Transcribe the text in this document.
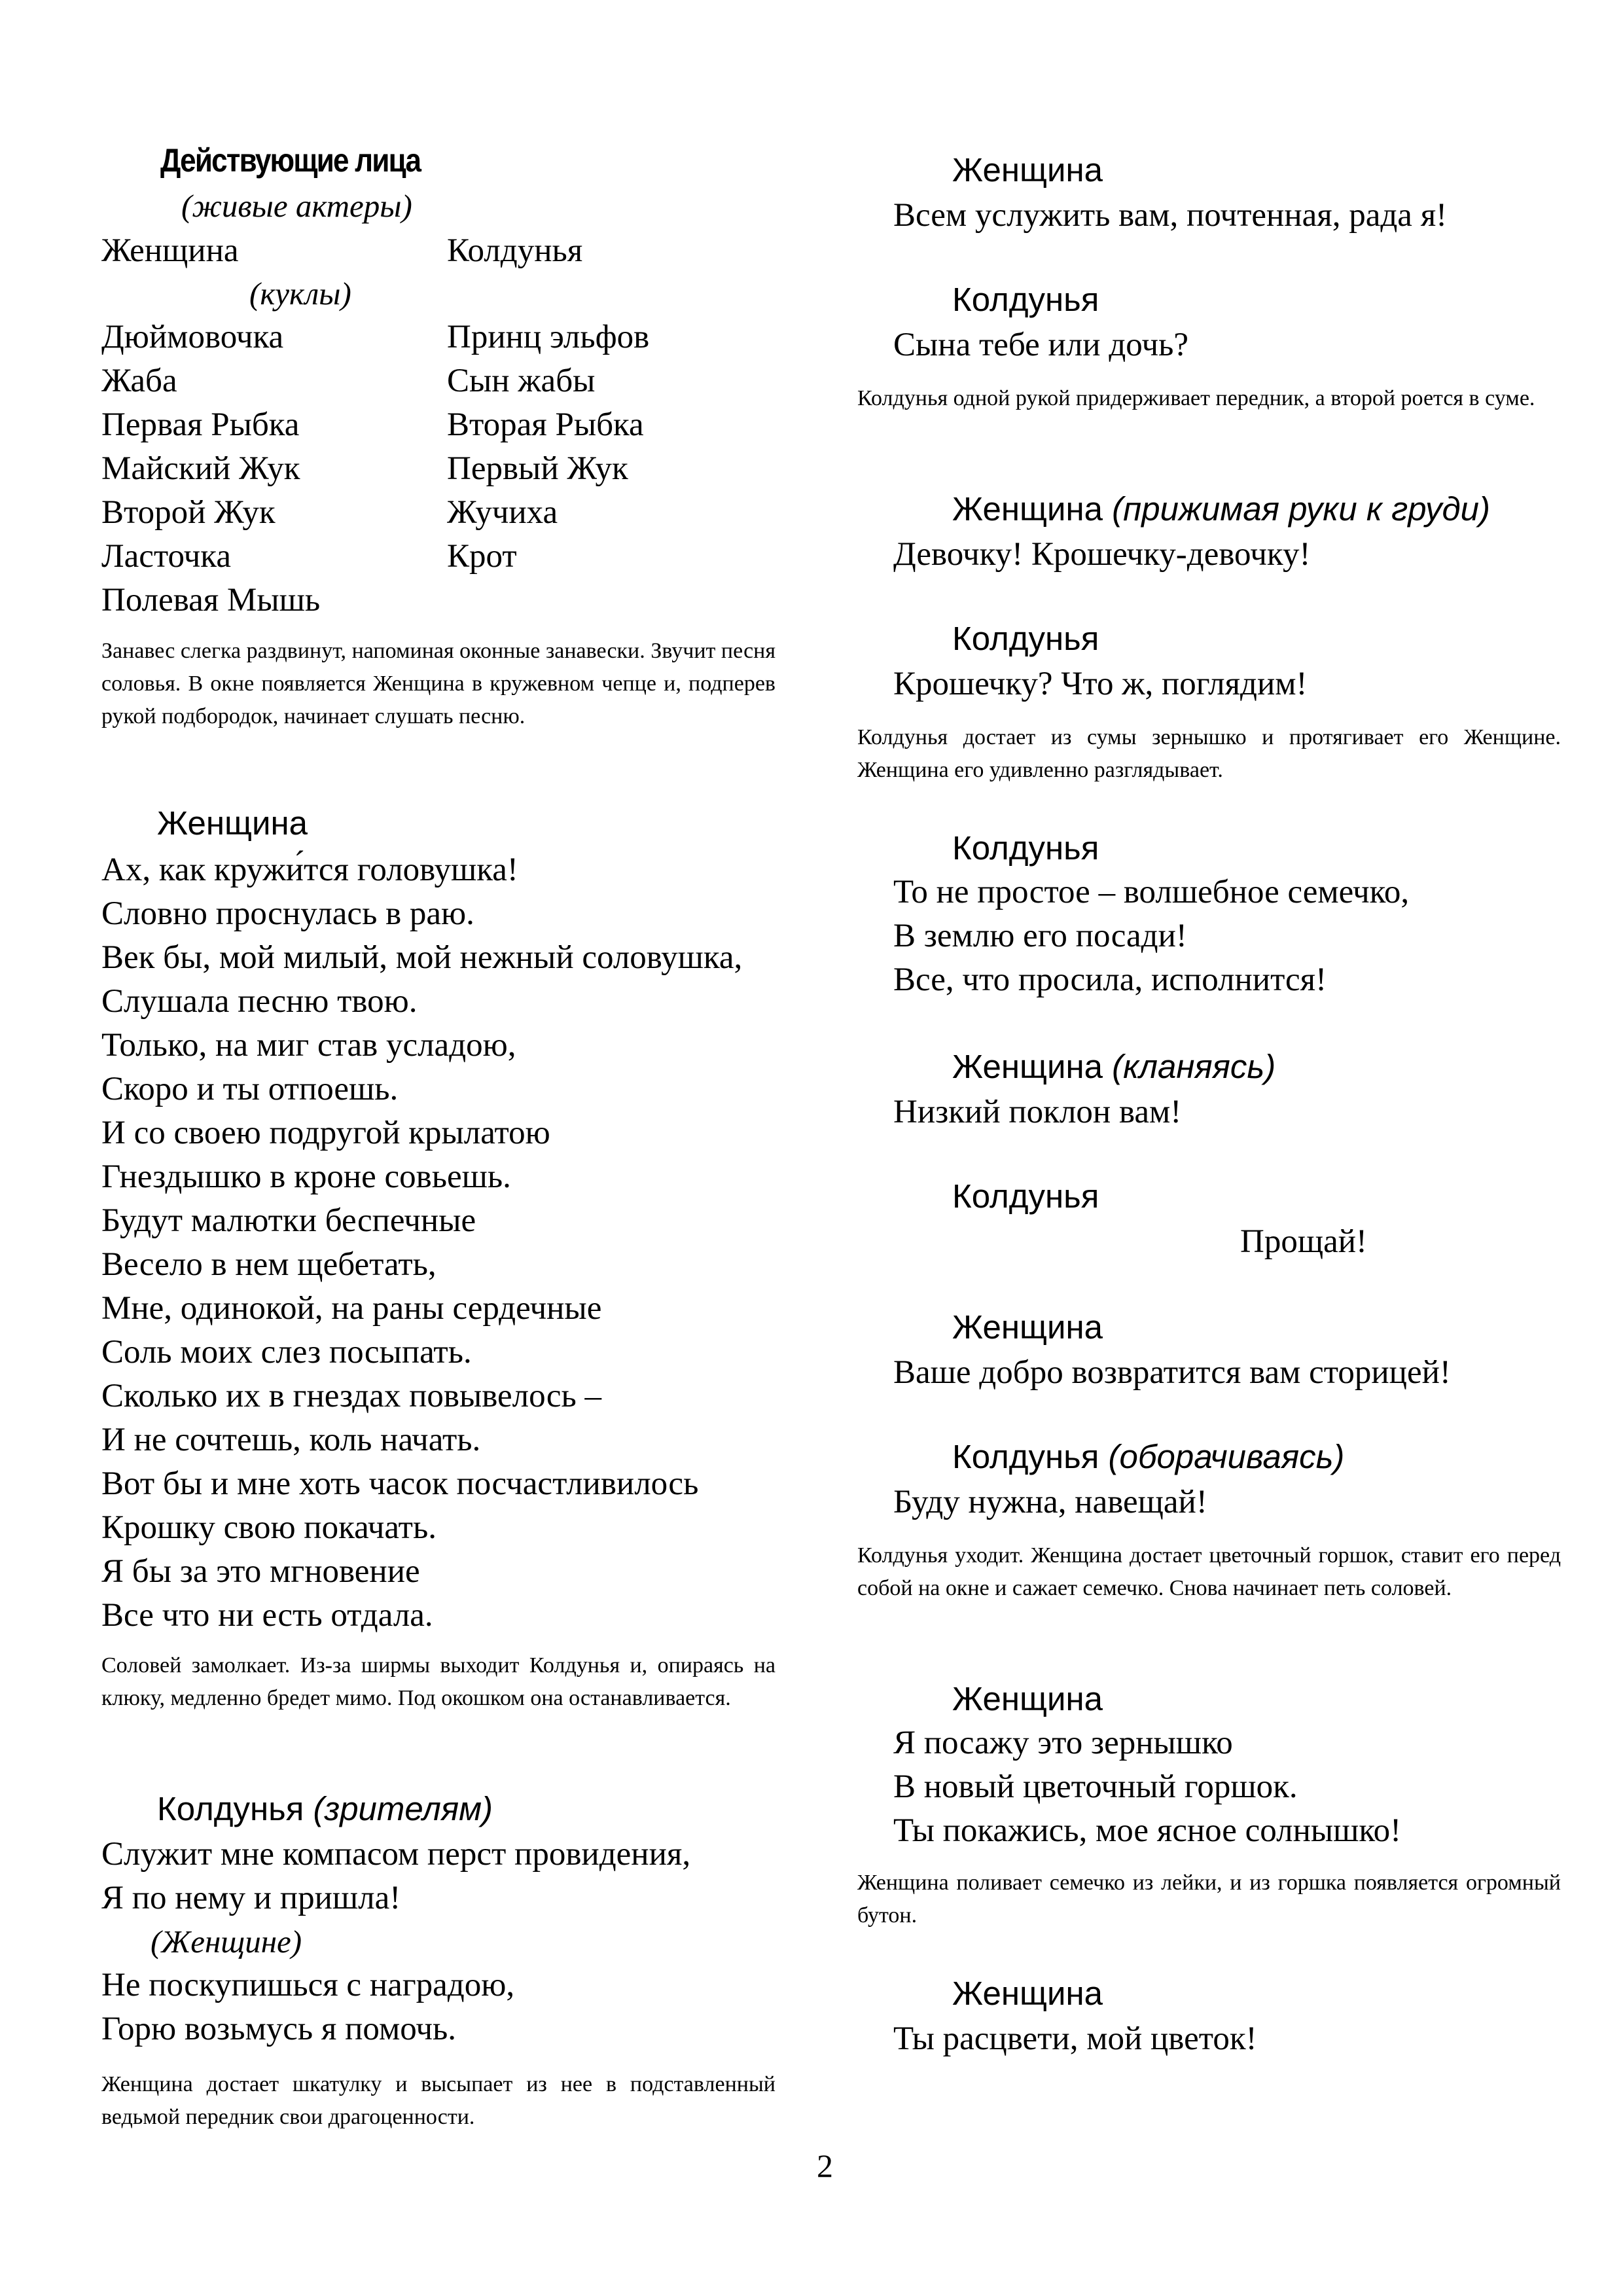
Действующие лица
(живые актеры)
Женщина	Колдунья
(куклы)
Дюймовочка
Жаба
Первая Рыбка
Майский Жук
Второй Жук
Ласточка
Полевая Мышь
Принц эльфов
Сын жабы
Вторая Рыбка
Первый Жук
Жучиха
Крот
Занавес слегка раздвинут, напоминая оконные занавески. Звучит песня соловья. В окне появляется Женщина в кружевном чепце и, подперев рукой подбородок, начинает слушать песню.
Женщина
Ах, как кружи́тся головушка!
Словно проснулась в раю.
Век бы, мой милый, мой нежный соловушка,
Слушала песню твою.
Только, на миг став усладою,
Скоро и ты отпоешь.
И со своею подругой крылатою
Гнездышко в кроне совьешь.
Будут малютки беспечные
Весело в нем щебетать,
Мне, одинокой, на раны сердечные
Соль моих слез посыпать.
Сколько их в гнездах повывелось –
И не сочтешь, коль начать.
Вот бы и мне хоть часок посчастливилось
Крошку свою покачать.
Я бы за это мгновение
Все что ни есть отдала.
Соловей замолкает. Из-за ширмы выходит Колдунья и, опираясь на клюку, медленно бредет мимо. Под окошком она останавливается.
Колдунья (зрителям)
Служит мне компасом перст провидения,
Я по нему и пришла!
(Женщине)
Не поскупишься с наградою,
Горю возьмусь я помочь.
Женщина достает шкатулку и высыпает из нее в подставленный ведьмой передник свои драгоценности.
Женщина
Всем услужить вам, почтенная, рада я!
Колдунья
Сына тебе или дочь?
Колдунья одной рукой придерживает передник, а второй роется в суме.
Женщина (прижимая руки к груди)
Девочку! Крошечку-девочку!
Колдунья
Крошечку? Что ж, поглядим!
Колдунья достает из сумы зернышко и протягивает его Женщине. Женщина его удивленно разглядывает.
Колдунья
То не простое – волшебное семечко,
В землю его посади!
Все, что просила, исполнится!
Женщина (кланяясь)
Низкий поклон вам!
Колдунья
Прощай!
Женщина
Ваше добро возвратится вам сторицей!
Колдунья (оборачиваясь)
Буду нужна, навещай!
Колдунья уходит. Женщина достает цветочный горшок, ставит его перед собой на окне и сажает семечко. Снова начинает петь соловей.
Женщина
Я посажу это зернышко
В новый цветочный горшок.
Ты покажись, мое ясное солнышко!
Женщина поливает семечко из лейки, и из горшка появляется огромный бутон.
Женщина
Ты расцвети, мой цветок!
2
